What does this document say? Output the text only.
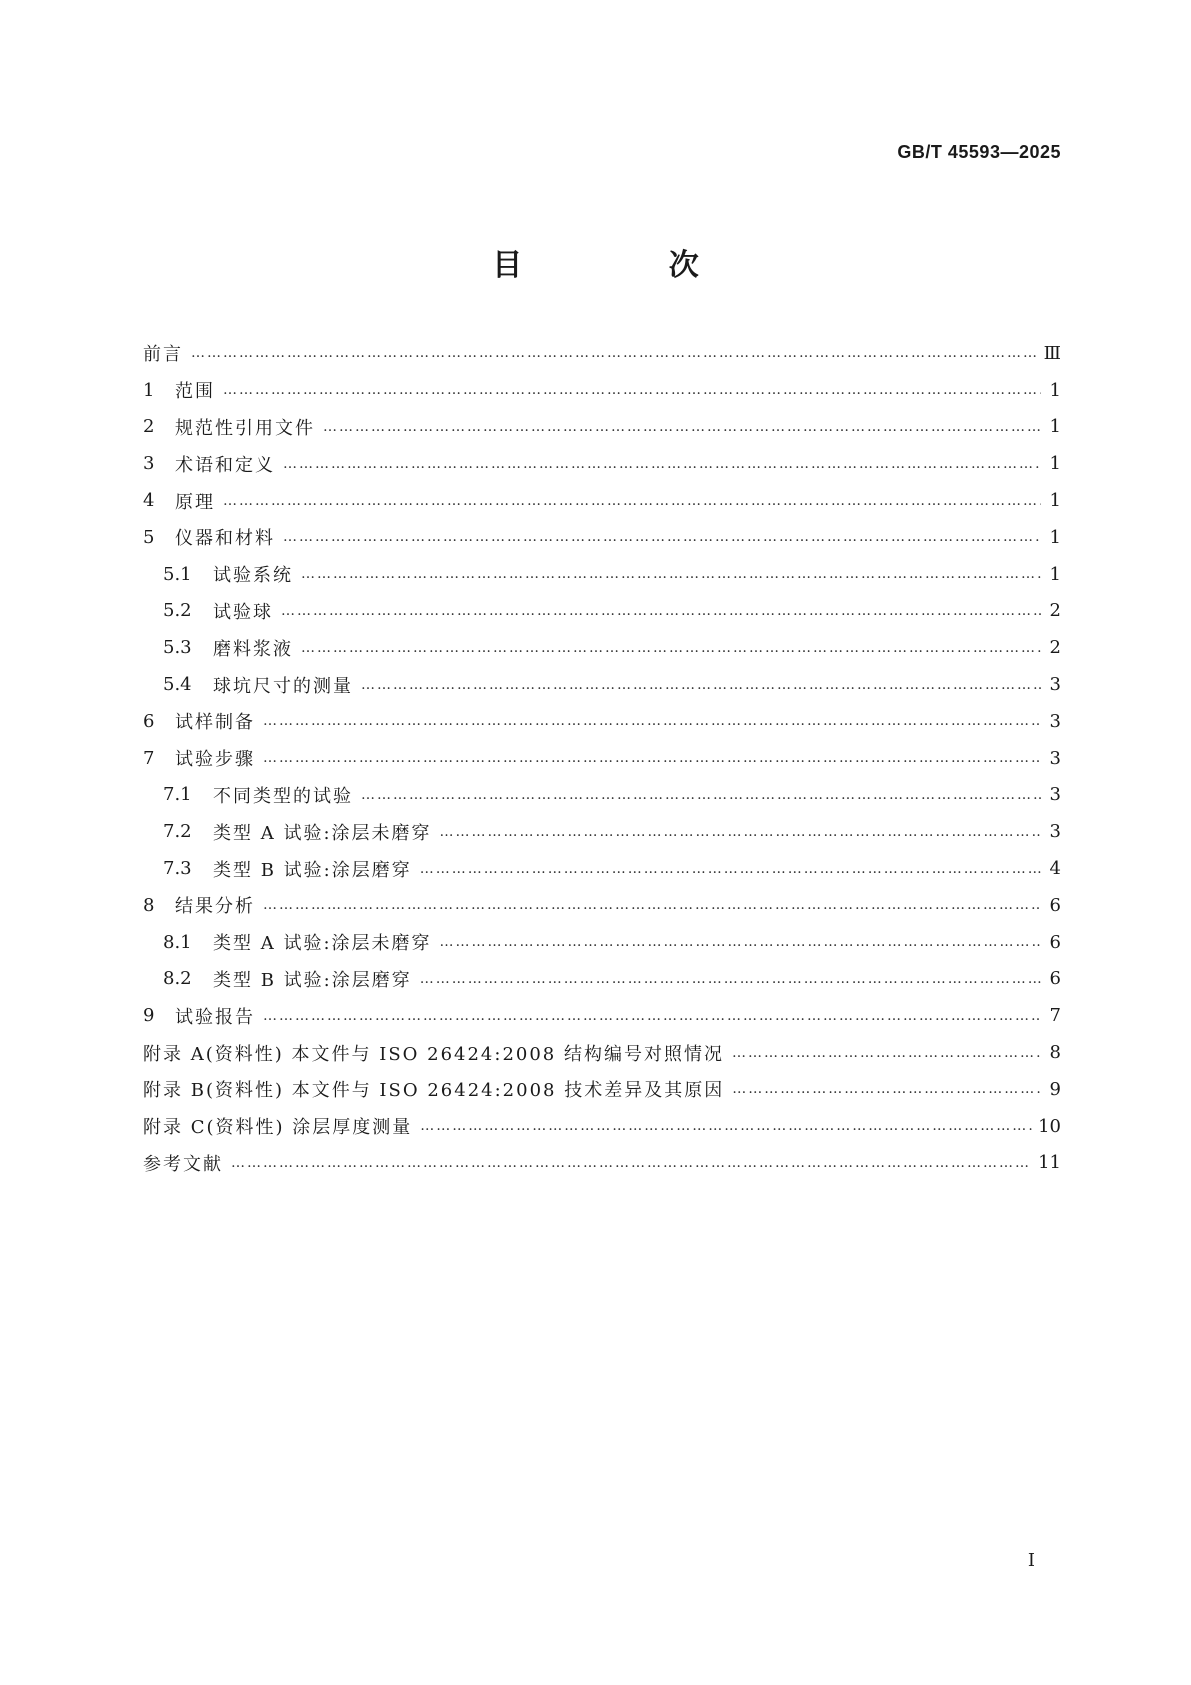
GB/T 45593—2025
目 次
前言 …………………………………………………………………………………………………………………………………………………………………………………………	Ⅲ
1	范围 …………………………………………………………………………………………………………………………………………………………………………………………	1
2	规范性引用文件 …………………………………………………………………………………………………………………………………………………………………………………………	1
3	术语和定义 …………………………………………………………………………………………………………………………………………………………………………………………	1
4	原理 …………………………………………………………………………………………………………………………………………………………………………………………	1
5	仪器和材料 …………………………………………………………………………………………………………………………………………………………………………………………	1
5.1	试验系统 …………………………………………………………………………………………………………………………………………………………………………………………	1
5.2	试验球 …………………………………………………………………………………………………………………………………………………………………………………………	2
5.3	磨料浆液 …………………………………………………………………………………………………………………………………………………………………………………………	2
5.4	球坑尺寸的测量 …………………………………………………………………………………………………………………………………………………………………………………………	3
6	试样制备 …………………………………………………………………………………………………………………………………………………………………………………………	3
7	试验步骤 …………………………………………………………………………………………………………………………………………………………………………………………	3
7.1	不同类型的试验 …………………………………………………………………………………………………………………………………………………………………………………………	3
7.2	类型 A 试验:涂层未磨穿 …………………………………………………………………………………………………………………………………………………………………………………………	3
7.3	类型 B 试验:涂层磨穿 …………………………………………………………………………………………………………………………………………………………………………………………	4
8	结果分析 …………………………………………………………………………………………………………………………………………………………………………………………	6
8.1	类型 A 试验:涂层未磨穿 …………………………………………………………………………………………………………………………………………………………………………………………	6
8.2	类型 B 试验:涂层磨穿 …………………………………………………………………………………………………………………………………………………………………………………………	6
9	试验报告 …………………………………………………………………………………………………………………………………………………………………………………………	7
附录 A(资料性) 本文件与 ISO 26424:2008 结构编号对照情况 …………………………………………………………………………………………………………………………………………………………………………………………	8
附录 B(资料性) 本文件与 ISO 26424:2008 技术差异及其原因 …………………………………………………………………………………………………………………………………………………………………………………………	9
附录 C(资料性) 涂层厚度测量 …………………………………………………………………………………………………………………………………………………………………………………………	10
参考文献 …………………………………………………………………………………………………………………………………………………………………………………………	11
I
